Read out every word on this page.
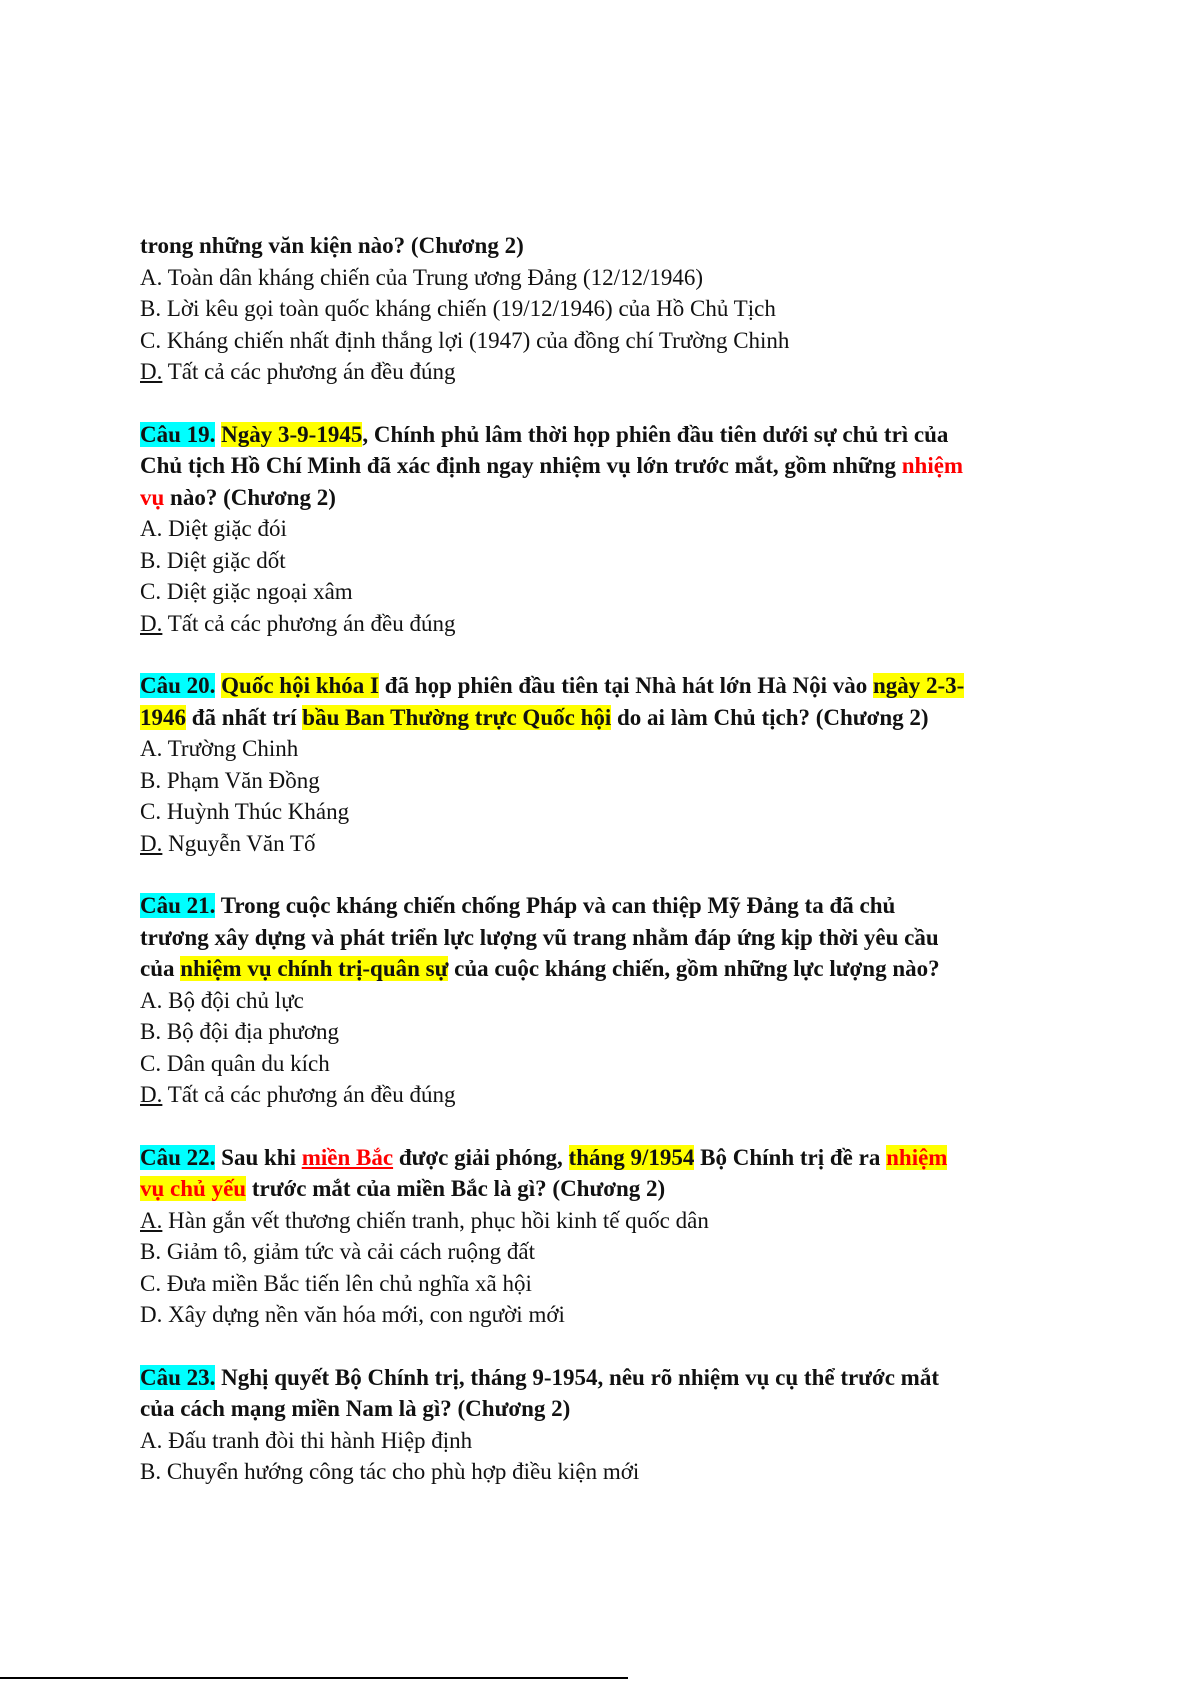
trong những văn kiện nào? (Chương 2)
A. Toàn dân kháng chiến của Trung ương Đảng (12/12/1946)
B. Lời kêu gọi toàn quốc kháng chiến (19/12/1946) của Hồ Chủ Tịch
C. Kháng chiến nhất định thắng lợi (1947) của đồng chí Trường Chinh
D. Tất cả các phương án đều đúng
Câu 19. Ngày 3-9-1945, Chính phủ lâm thời họp phiên đầu tiên dưới sự chủ trì của
Chủ tịch Hồ Chí Minh đã xác định ngay nhiệm vụ lớn trước mắt, gồm những nhiệm
vụ nào? (Chương 2)
A. Diệt giặc đói
B. Diệt giặc dốt
C. Diệt giặc ngoại xâm
D. Tất cả các phương án đều đúng
Câu 20. Quốc hội khóa I đã họp phiên đầu tiên tại Nhà hát lớn Hà Nội vào ngày 2-3-
1946 đã nhất trí bầu Ban Thường trực Quốc hội do ai làm Chủ tịch? (Chương 2)
A. Trường Chinh
B. Phạm Văn Đồng
C. Huỳnh Thúc Kháng
D. Nguyễn Văn Tố
Câu 21. Trong cuộc kháng chiến chống Pháp và can thiệp Mỹ Đảng ta đã chủ
trương xây dựng và phát triển lực lượng vũ trang nhằm đáp ứng kịp thời yêu cầu
của nhiệm vụ chính trị-quân sự của cuộc kháng chiến, gồm những lực lượng nào?
A. Bộ đội chủ lực
B. Bộ đội địa phương
C. Dân quân du kích
D. Tất cả các phương án đều đúng
Câu 22. Sau khi miền Bắc được giải phóng, tháng 9/1954 Bộ Chính trị đề ra nhiệm
vụ chủ yếu trước mắt của miền Bắc là gì? (Chương 2)
A. Hàn gắn vết thương chiến tranh, phục hồi kinh tế quốc dân
B. Giảm tô, giảm tức và cải cách ruộng đất
C. Đưa miền Bắc tiến lên chủ nghĩa xã hội
D. Xây dựng nền văn hóa mới, con người mới
Câu 23. Nghị quyết Bộ Chính trị, tháng 9-1954, nêu rõ nhiệm vụ cụ thể trước mắt
của cách mạng miền Nam là gì? (Chương 2)
A. Đấu tranh đòi thi hành Hiệp định
B. Chuyển hướng công tác cho phù hợp điều kiện mới
